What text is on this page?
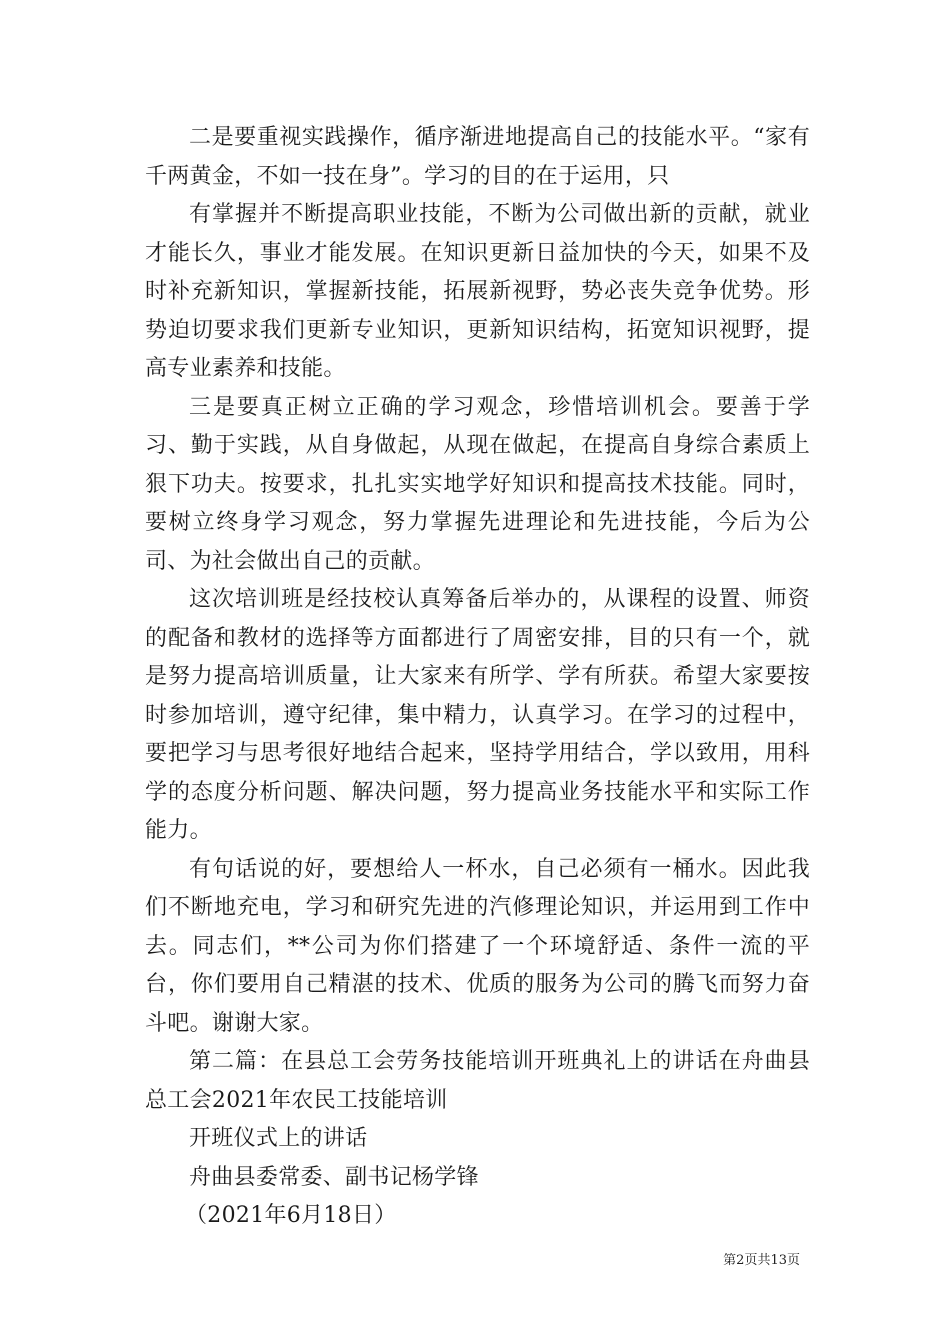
二是要重视实践操作，循序渐进地提高自己的技能水平。“家有千两黄金，不如一技在身”。学习的目的在于运用，只

有掌握并不断提高职业技能，不断为公司做出新的贡献，就业才能长久，事业才能发展。在知识更新日益加快的今天，如果不及时补充新知识，掌握新技能，拓展新视野，势必丧失竞争优势。形势迫切要求我们更新专业知识，更新知识结构，拓宽知识视野，提高专业素养和技能。

三是要真正树立正确的学习观念，珍惜培训机会。要善于学习、勤于实践，从自身做起，从现在做起，在提高自身综合素质上狠下功夫。按要求，扎扎实实地学好知识和提高技术技能。同时，要树立终身学习观念，努力掌握先进理论和先进技能，今后为公司、为社会做出自己的贡献。

这次培训班是经技校认真筹备后举办的，从课程的设置、师资的配备和教材的选择等方面都进行了周密安排，目的只有一个，就是努力提高培训质量，让大家来有所学、学有所获。希望大家要按时参加培训，遵守纪律，集中精力，认真学习。在学习的过程中，要把学习与思考很好地结合起来，坚持学用结合，学以致用，用科学的态度分析问题、解决问题，努力提高业务技能水平和实际工作能力。

有句话说的好，要想给人一杯水，自己必须有一桶水。因此我们不断地充电，学习和研究先进的汽修理论知识，并运用到工作中去。同志们，**公司为你们搭建了一个环境舒适、条件一流的平台，你们要用自己精湛的技术、优质的服务为公司的腾飞而努力奋斗吧。谢谢大家。

第二篇：在县总工会劳务技能培训开班典礼上的讲话在舟曲县总工会2021年农民工技能培训

开班仪式上的讲话

舟曲县委常委、副书记杨学锋

（2021年6月18日）

第2页共13页
